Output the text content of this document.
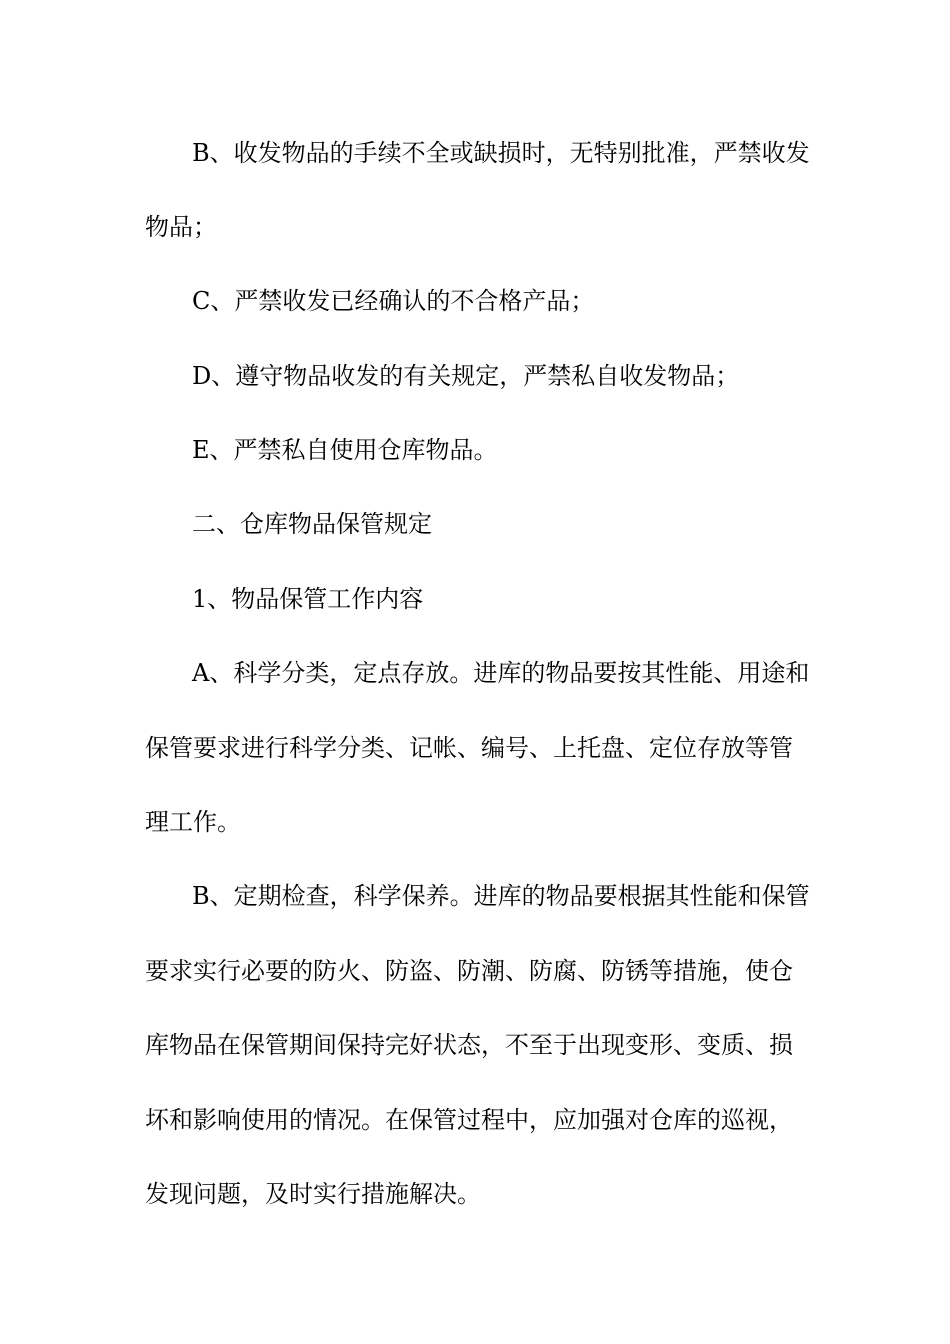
B、收发物品的手续不全或缺损时，无特别批准，严禁收发
物品；
C、严禁收发已经确认的不合格产品；
D、遵守物品收发的有关规定，严禁私自收发物品；
E、严禁私自使用仓库物品。
二、仓库物品保管规定
1、物品保管工作内容
A、科学分类，定点存放。进库的物品要按其性能、用途和
保管要求进行科学分类、记帐、编号、上托盘、定位存放等管
理工作。
B、定期检查，科学保养。进库的物品要根据其性能和保管
要求实行必要的防火、防盗、防潮、防腐、防锈等措施，使仓
库物品在保管期间保持完好状态，不至于出现变形、变质、损
坏和影响使用的情况。在保管过程中，应加强对仓库的巡视，
发现问题，及时实行措施解决。
